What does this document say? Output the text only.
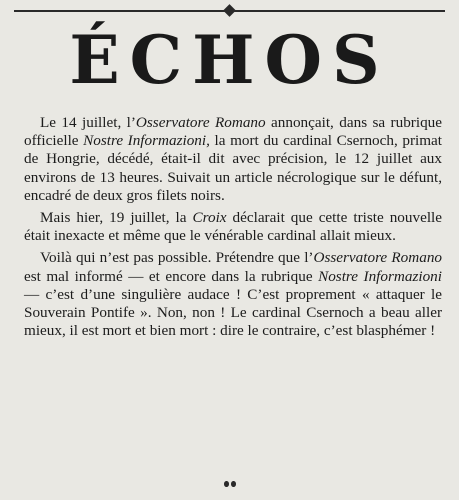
ÉCHOS

Le 14 juillet, l’Osservatore Romano annonçait, dans sa rubrique officielle Nostre Informazioni, la mort du cardinal Csernoch, primat de Hongrie, décédé, était-il dit avec précision, le 12 juillet aux environs de 13 heures. Suivait un article nécrologique sur le défunt, encadré de deux gros filets noirs.

Mais hier, 19 juillet, la Croix déclarait que cette triste nouvelle était inexacte et même que le vénérable cardinal allait mieux.

Voilà qui n’est pas possible. Prétendre que l’Osservatore Romano est mal informé — et encore dans la rubrique Nostre Informazioni — c’est d’une singulière audace ! C’est proprement « attaquer le Souverain Pontife ». Non, non ! Le cardinal Csernoch a beau aller mieux, il est mort et bien mort : dire le contraire, c’est blasphémer !
